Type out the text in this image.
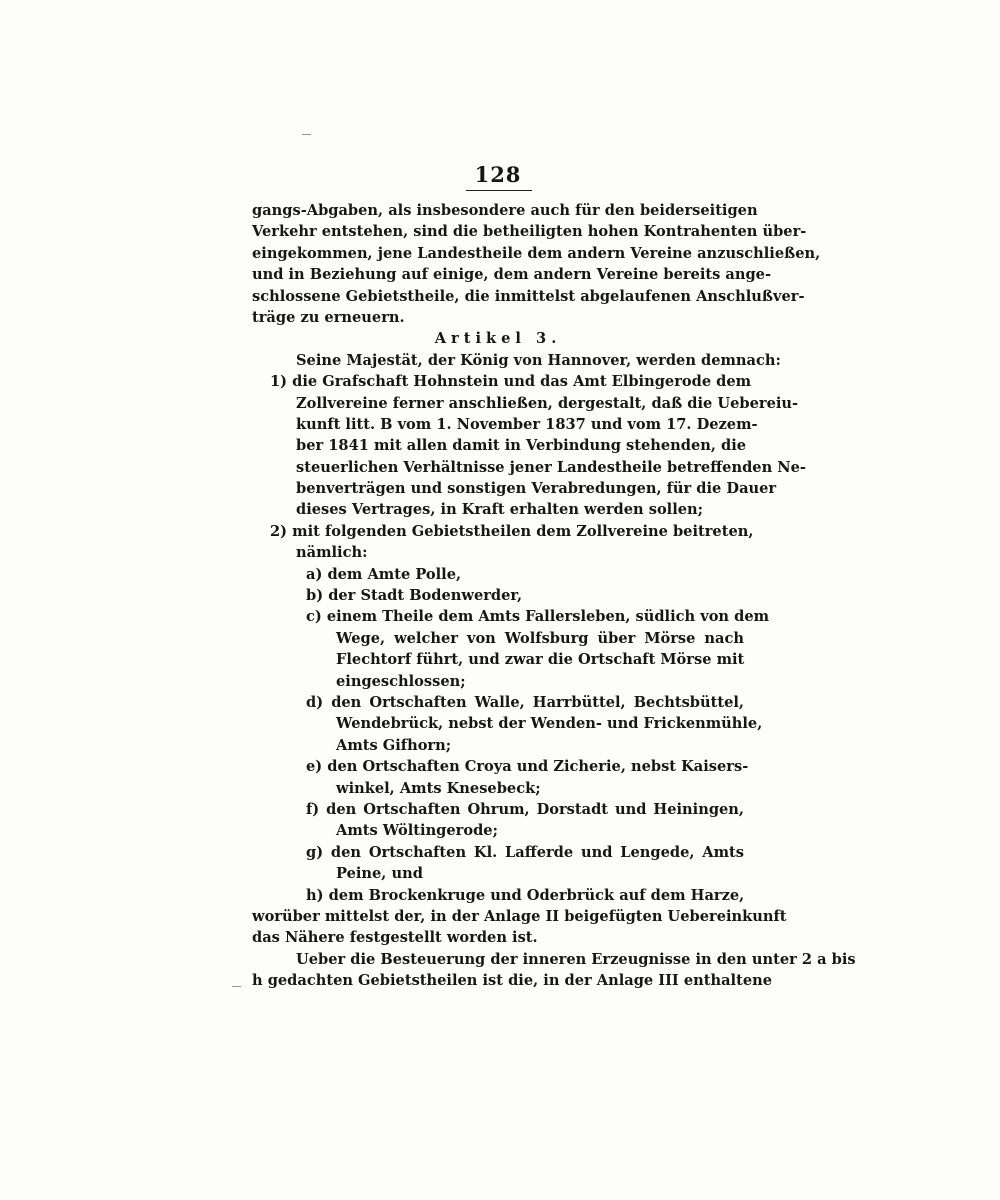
128
gangs-Abgaben, als insbesondere auch für den beiderseitigen
Verkehr entstehen, sind die betheiligten hohen Kontrahenten über-
eingekommen, jene Landestheile dem andern Vereine anzuschließen,
und in Beziehung auf einige, dem andern Vereine bereits ange-
schlossene Gebietstheile, die inmittelst abgelaufenen Anschlußver-
träge zu erneuern.
Artikel 3.
Seine Majestät, der König von Hannover, werden demnach:
1) die Grafschaft Hohnstein und das Amt Elbingerode dem
Zollvereine ferner anschließen, dergestalt, daß die Uebereiu-
kunft litt. B vom 1. November 1837 und vom 17. Dezem-
ber 1841 mit allen damit in Verbindung stehenden, die
steuerlichen Verhältnisse jener Landestheile betreffenden Ne-
benverträgen und sonstigen Verabredungen, für die Dauer
dieses Vertrages, in Kraft erhalten werden sollen;
2) mit folgenden Gebietstheilen dem Zollvereine beitreten,
nämlich:
a) dem Amte Polle,
b) der Stadt Bodenwerder,
c) einem Theile dem Amts Fallersleben, südlich von dem
Wege, welcher von Wolfsburg über Mörse nach
Flechtorf führt, und zwar die Ortschaft Mörse mit
eingeschlossen;
d) den Ortschaften Walle, Harrbüttel, Bechtsbüttel,
Wendebrück, nebst der Wenden- und Frickenmühle,
Amts Gifhorn;
e) den Ortschaften Croya und Zicherie, nebst Kaisers-
winkel, Amts Knesebeck;
f) den Ortschaften Ohrum, Dorstadt und Heiningen,
Amts Wöltingerode;
g) den Ortschaften Kl. Lafferde und Lengede, Amts
Peine, und
h) dem Brockenkruge und Oderbrück auf dem Harze,
worüber mittelst der, in der Anlage II beigefügten Uebereinkunft
das Nähere festgestellt worden ist.
Ueber die Besteuerung der inneren Erzeugnisse in den unter 2 a bis
h gedachten Gebietstheilen ist die, in der Anlage III enthaltene
